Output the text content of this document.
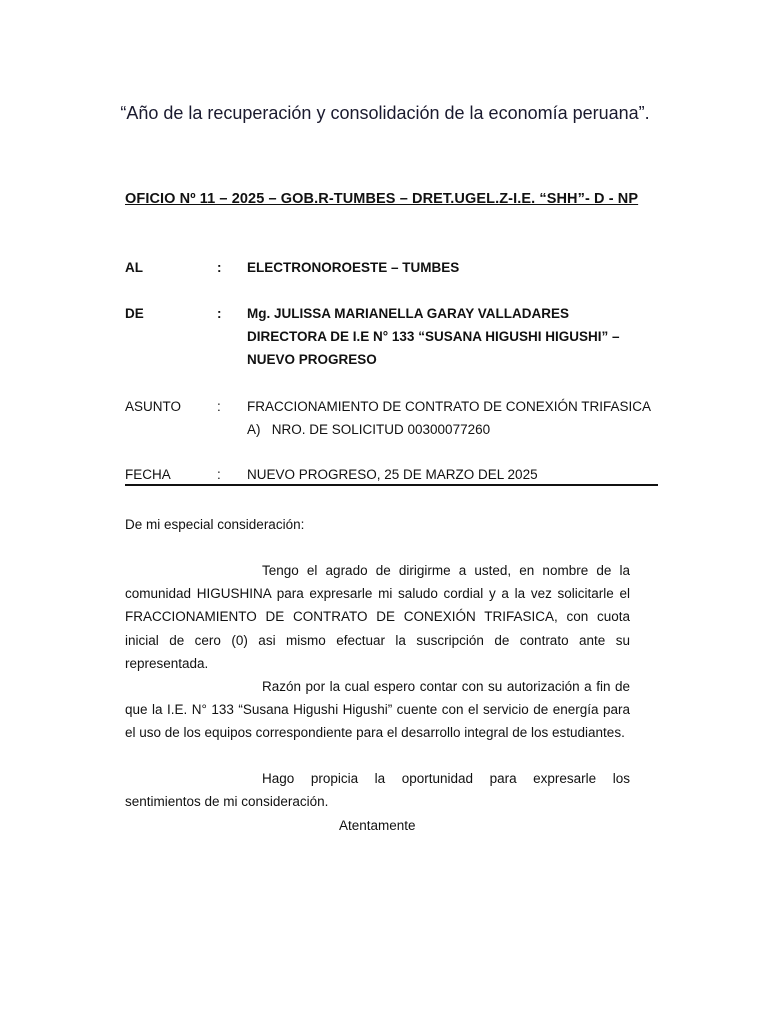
“Año de la recuperación y consolidación de la economía peruana”.
OFICIO Nº 11 – 2025 – GOB.R-TUMBES – DRET.UGEL.Z-I.E. “SHH”- D - NP
AL	: ELECTRONOROESTE – TUMBES
DE	: Mg. JULISSA MARIANELLA GARAY VALLADARES
DIRECTORA DE I.E N° 133 “SUSANA HIGUSHI HIGUSHI” – NUEVO PROGRESO
ASUNTO	: FRACCIONAMIENTO DE CONTRATO DE CONEXIÓN TRIFASICA
A)   NRO. DE SOLICITUD 00300077260
FECHA	: NUEVO PROGRESO, 25 DE MARZO DEL 2025
De mi especial consideración:
Tengo el agrado de dirigirme a usted, en nombre de la comunidad HIGUSHINA para expresarle mi saludo cordial y a la vez solicitarle el FRACCIONAMIENTO DE CONTRATO DE CONEXIÓN TRIFASICA, con cuota inicial de cero (0) asi mismo efectuar la suscripción de contrato ante su representada.
Razón por la cual espero contar con su autorización a fin de que la I.E. N° 133 “Susana Higushi Higushi” cuente con el servicio de energía para el uso de los equipos correspondiente para el desarrollo integral de los estudiantes.
Hago propicia la oportunidad para expresarle los sentimientos de mi consideración.
Atentamente
